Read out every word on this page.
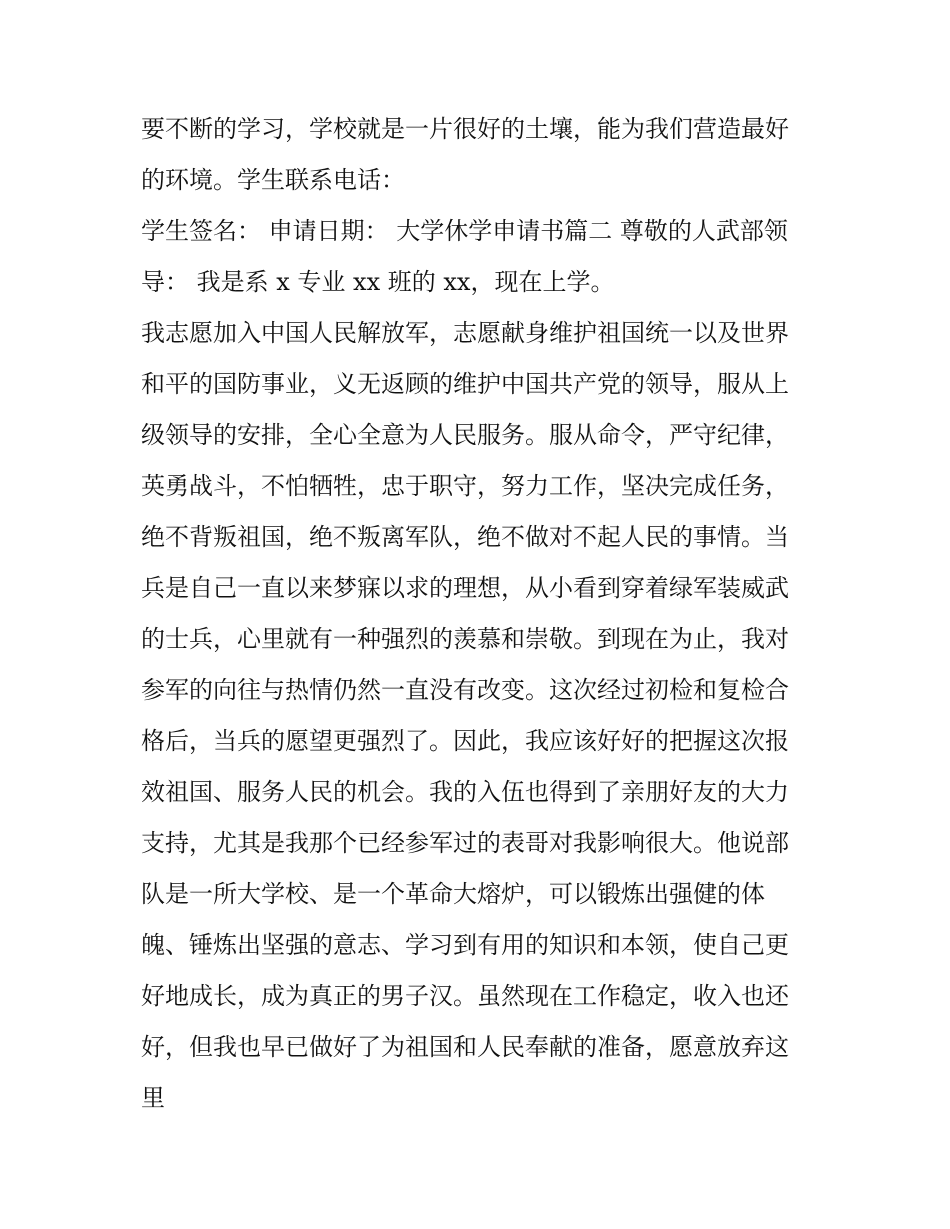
要不断的学习，学校就是一片很好的土壤，能为我们营造最好
的环境。学生联系电话：
学生签名： 申请日期： 大学休学申请书篇二 尊敬的人武部领
导： 我是系 x 专业 xx 班的 xx，现在上学。
我志愿加入中国人民解放军，志愿献身维护祖国统一以及世界
和平的国防事业，义无返顾的维护中国共产党的领导，服从上
级领导的安排，全心全意为人民服务。服从命令，严守纪律，
英勇战斗，不怕牺牲，忠于职守，努力工作，坚决完成任务，
绝不背叛祖国，绝不叛离军队，绝不做对不起人民的事情。当
兵是自己一直以来梦寐以求的理想，从小看到穿着绿军装威武
的士兵，心里就有一种强烈的羡慕和崇敬。到现在为止，我对
参军的向往与热情仍然一直没有改变。这次经过初检和复检合
格后，当兵的愿望更强烈了。因此，我应该好好的把握这次报
效祖国、服务人民的机会。我的入伍也得到了亲朋好友的大力
支持，尤其是我那个已经参军过的表哥对我影响很大。他说部
队是一所大学校、是一个革命大熔炉，可以锻炼出强健的体
魄、锤炼出坚强的意志、学习到有用的知识和本领，使自己更
好地成长，成为真正的男子汉。虽然现在工作稳定，收入也还
好，但我也早已做好了为祖国和人民奉献的准备，愿意放弃这
里
